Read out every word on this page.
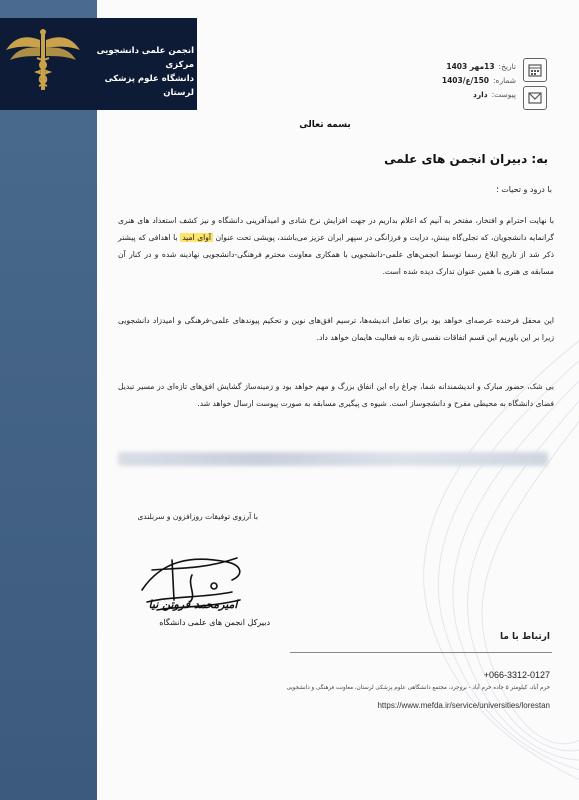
انجمن علمی دانشجویی مرکزی
دانشگاه علوم پزشکی لرستان
تاریخ:
13مهر 1403
شماره:
150/ع/1403
پیوست:
دارد
بسمه تعالی
به: دبیران انجمن های علمی
با درود و تحیات ؛
با نهایت احترام و افتخار، مفتخر به آنیم که اعلام بداریم در جهت افزایش نرخ شادی و امیدآفرینی دانشگاه و نیز کشف استعداد های هنری گرانمایه دانشجویان، که تجلی‌گاه بینش، درایت و فرزانگی در سپهر ایران عزیز می‌باشند، پویشی تحت عنوان آوای امید با اهدافی که پیشتر ذکر شد از تاریخ ابلاغ رسما توسط انجمن‌های علمی-دانشجویی با همکاری معاونت محترم فرهنگی-دانشجویی نهادینه شده و در کنار آن مسابقه ی هنری با همین عنوان تدارک دیده شده است.
این محفل فرخنده عرصه‌ای خواهد بود برای تعامل اندیشه‌ها، ترسیم افق‌های نوین و تحکیم پیوندهای علمی-فرهنگی و امیدزاد دانشجویی زیرا بر این باوریم این قسم اتفاقات نفسی تازه به فعالیت هایمان خواهد داد.
بی شک، حضور مبارک و اندیشمندانه شما، چراغ راه این اتفاق بزرگ و مهم خواهد بود و زمینه‌ساز گشایش افق‌های تازه‌ای در مسیر تبدیل فضای دانشگاه به محیطی مفرح و دانشجوساز است. شیوه ی پیگیری مسابقه به صورت پیوست ارسال خواهد شد.
با آرزوی توفیقات روزافزون و سربلندی
امیرمحمد فروتن نیا
دبیرکل انجمن های علمی دانشگاه
ارتباط با ما
+066-3312-0127
خرم آباد، کیلومتر ۵ جاده خرم آباد - بروجرد، مجتمع دانشگاهی علوم پزشکی لرستان، معاونت فرهنگی و دانشجویی
https://www.mefda.ir/service/universities/lorestan
